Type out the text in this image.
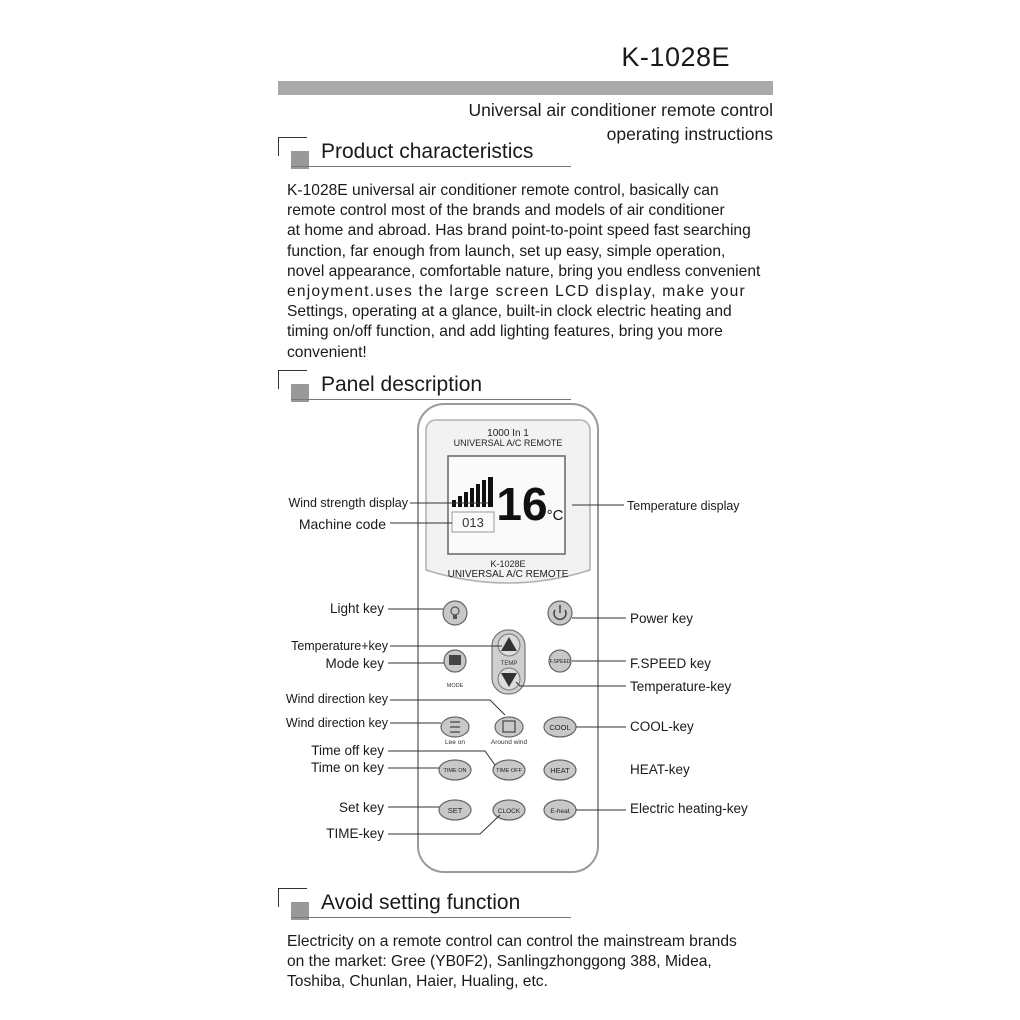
K-1028E
Universal air conditioner remote control
operating instructions
Product characteristics
K-1028E universal air conditioner remote control, basically can
remote control most of the brands and models of air conditioner
at home and abroad. Has brand point-to-point speed fast searching
function, far enough from launch, set up easy, simple operation,
novel appearance, comfortable nature, bring you endless convenient
enjoyment.uses the large screen LCD display, make your
Settings, operating at a glance, built-in clock electric heating and
timing on/off function, and add lighting features, bring you more
convenient!
Panel description
1000 In 1
UNIVERSAL A/C REMOTE
16
°C
013
K-1028E
UNIVERSAL A/C REMOTE
TEMP
MODE
F.SPEED
Lee on	Around wind
COOL
TIME ON	TIME OFF	HEAT
SET	CLOCK	E-heat
Wind strength display
Machine code
Light key
Temperature+key
Mode key
Wind direction key
Wind direction key
Time off key
Time on key
Set key
TIME-key
Temperature display
Power key
F.SPEED key
Temperature-key
COOL-key
HEAT-key
Electric heating-key
Avoid setting function
Electricity on a remote control can control the mainstream brands
on the market: Gree (YB0F2), Sanlingzhonggong 388, Midea,
Toshiba, Chunlan, Haier, Hualing, etc.
